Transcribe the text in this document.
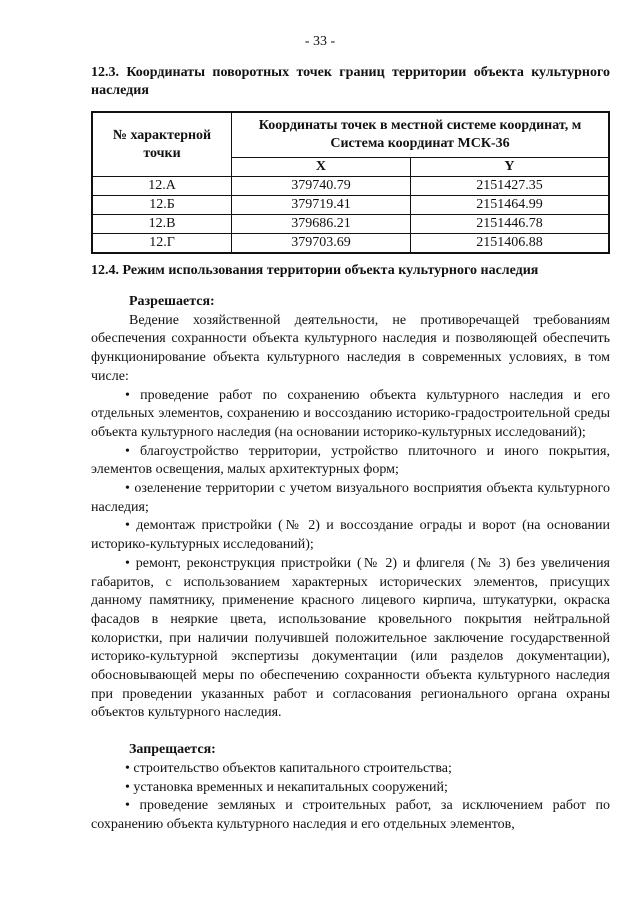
- 33 -
12.3. Координаты поворотных точек границ территории объекта культурного наследия
№ характерной точки	Координаты точек в местной системе координат, м Система координат МСК-36	
	X	Y
12.А	379740.79	2151427.35
12.Б	379719.41	2151464.99
12.В	379686.21	2151446.78
12.Г	379703.69	2151406.88
12.4. Режим использования территории объекта культурного наследия

Разрешается:

Ведение хозяйственной деятельности, не противоречащей требованиям обеспечения сохранности объекта культурного наследия и позволяющей обеспечить функционирование объекта культурного наследия в современных условиях, в том числе:

• проведение работ по сохранению объекта культурного наследия и его отдельных элементов, сохранению и воссозданию историко-градостроительной среды объекта культурного наследия (на основании историко-культурных исследований);

• благоустройство территории, устройство плиточного и иного покрытия, элементов освещения, малых архитектурных форм;

• озеленение территории с учетом визуального восприятия объекта культурного наследия;

• демонтаж пристройки (№ 2) и воссоздание ограды и ворот (на основании историко-культурных исследований);

• ремонт, реконструкция пристройки (№ 2) и флигеля (№ 3) без увеличения габаритов, с использованием характерных исторических элементов, присущих данному памятнику, применение красного лицевого кирпича, штукатурки, окраска фасадов в неяркие цвета, использование кровельного покрытия нейтральной колористки, при наличии получившей положительное заключение государственной историко-культурной экспертизы документации (или разделов документации), обосновывающей меры по обеспечению сохранности объекта культурного наследия при проведении указанных работ и согласования регионального органа охраны объектов культурного наследия.

Запрещается:

• строительство объектов капитального строительства;

• установка временных и некапитальных сооружений;

• проведение земляных и строительных работ, за исключением работ по сохранению объекта культурного наследия и его отдельных элементов,
